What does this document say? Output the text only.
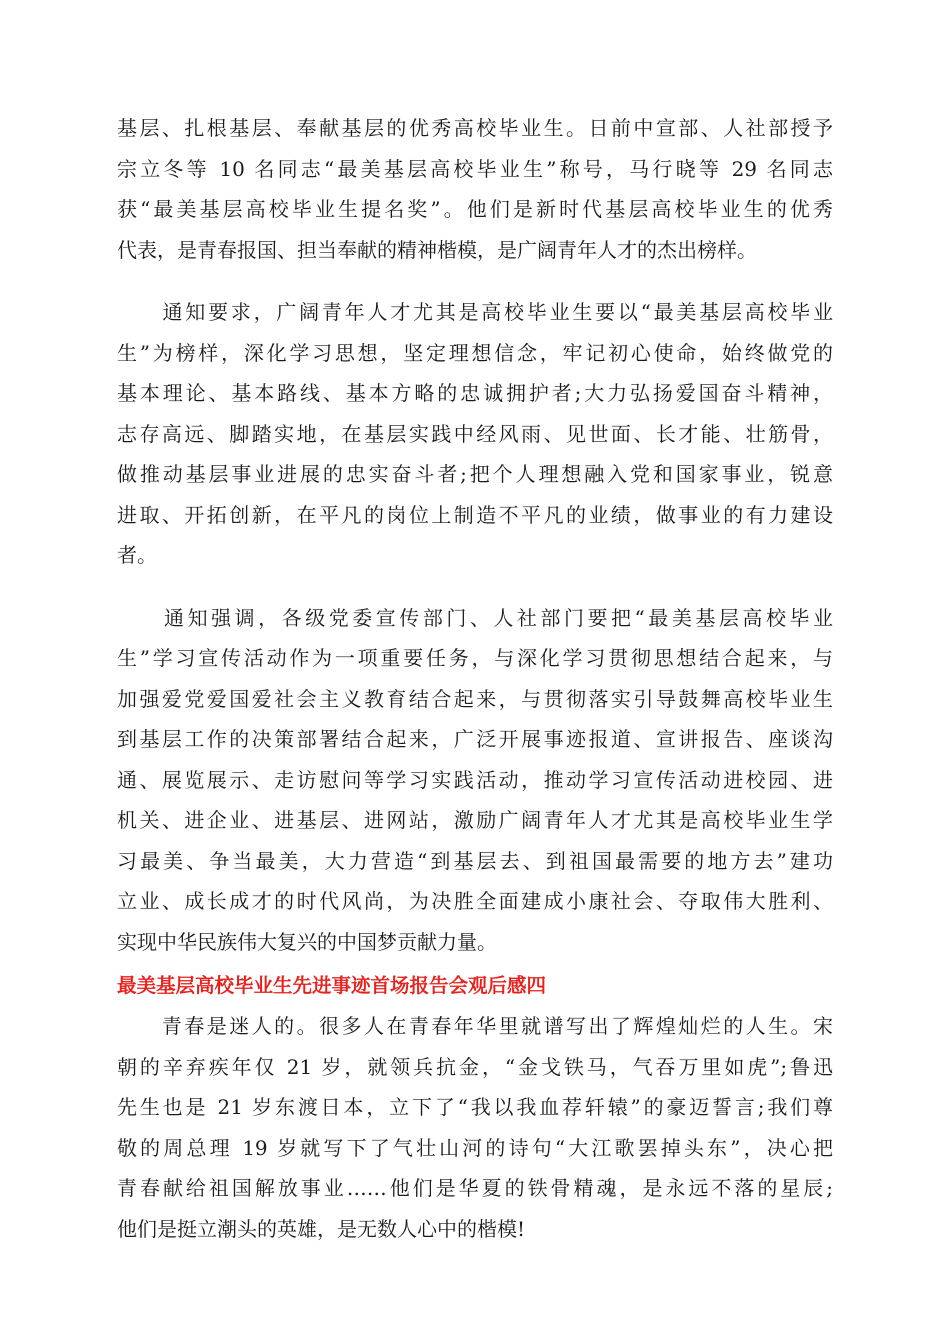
基层、扎根基层、奉献基层的优秀高校毕业生。日前中宣部、人社部授予
宗立冬等 10 名同志“最美基层高校毕业生”称号，马行晓等 29 名同志
获“最美基层高校毕业生提名奖”。他们是新时代基层高校毕业生的优秀
代表，是青春报国、担当奉献的精神楷模，是广阔青年人才的杰出榜样。
　　通知要求，广阔青年人才尤其是高校毕业生要以“最美基层高校毕业
生”为榜样，深化学习思想，坚定理想信念，牢记初心使命，始终做党的
基本理论、基本路线、基本方略的忠诚拥护者;大力弘扬爱国奋斗精神，
志存高远、脚踏实地，在基层实践中经风雨、见世面、长才能、壮筋骨，
做推动基层事业进展的忠实奋斗者;把个人理想融入党和国家事业，锐意
进取、开拓创新，在平凡的岗位上制造不平凡的业绩，做事业的有力建设
者。
　　通知强调，各级党委宣传部门、人社部门要把“最美基层高校毕业
生”学习宣传活动作为一项重要任务，与深化学习贯彻思想结合起来，与
加强爱党爱国爱社会主义教育结合起来，与贯彻落实引导鼓舞高校毕业生
到基层工作的决策部署结合起来，广泛开展事迹报道、宣讲报告、座谈沟
通、展览展示、走访慰问等学习实践活动，推动学习宣传活动进校园、进
机关、进企业、进基层、进网站，激励广阔青年人才尤其是高校毕业生学
习最美、争当最美，大力营造“到基层去、到祖国最需要的地方去”建功
立业、成长成才的时代风尚，为决胜全面建成小康社会、夺取伟大胜利、
实现中华民族伟大复兴的中国梦贡献力量。
最美基层高校毕业生先进事迹首场报告会观后感四
　　青春是迷人的。很多人在青春年华里就谱写出了辉煌灿烂的人生。宋
朝的辛弃疾年仅 21 岁，就领兵抗金，“金戈铁马，气吞万里如虎”;鲁迅
先生也是 21 岁东渡日本，立下了“我以我血荐轩辕”的豪迈誓言;我们尊
敬的周总理 19 岁就写下了气壮山河的诗句“大江歌罢掉头东”，决心把
青春献给祖国解放事业……他们是华夏的铁骨精魂，是永远不落的星辰;
他们是挺立潮头的英雄，是无数人心中的楷模!
